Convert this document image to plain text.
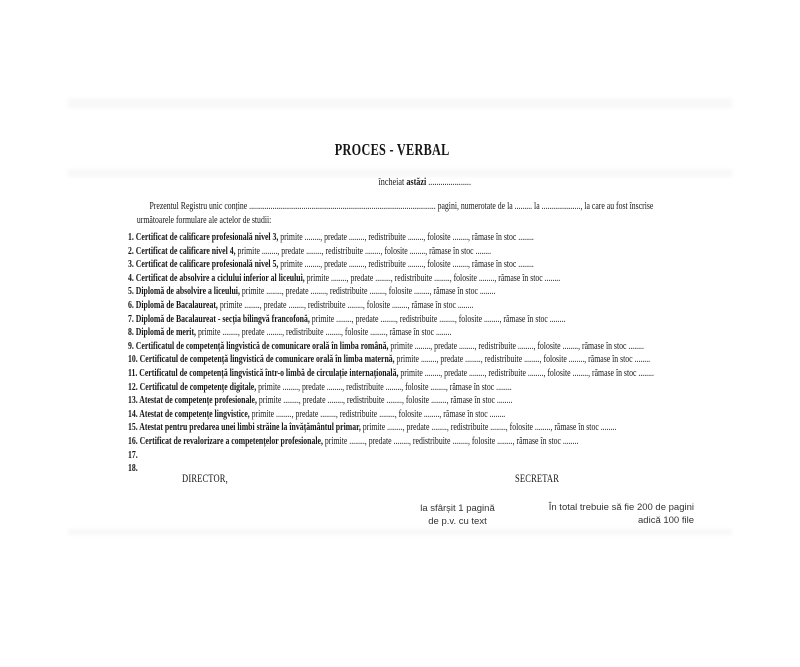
PROCES - VERBAL
încheiat astăzi .....................
Prezentul Registru unic conține ................................................................................................ pagini, numerotate de la ......... la ...................., la care au fost înscrise
următoarele formulare ale actelor de studii:
1. Certificat de calificare profesională nivel 3, primite ........, predate ........, redistribuite ........, folosite ........, rămase în stoc ........
2. Certificat de calificare nivel 4, primite ........, predate ........, redistribuite ........, folosite ........, rămase în stoc ........
3. Certificat de calificare profesională nivel 5, primite ........, predate ........, redistribuite ........, folosite ........, rămase în stoc ........
4. Certificat de absolvire a ciclului inferior al liceului, primite ........, predate ........, redistribuite ........, folosite ........, rămase în stoc ........
5. Diplomă de absolvire a liceului, primite ........, predate ........, redistribuite ........, folosite ........, rămase în stoc ........
6. Diplomă de Bacalaureat, primite ........, predate ........, redistribuite ........, folosite ........, rămase în stoc ........
7. Diplomă de Bacalaureat - secția bilingvă francofonă, primite ........, predate ........, redistribuite ........, folosite ........, rămase în stoc ........
8. Diplomă de merit, primite ........, predate ........, redistribuite ........, folosite ........, rămase în stoc ........
9. Certificatul de competență lingvistică de comunicare orală în limba română, primite ........, predate ........, redistribuite ........, folosite ........, rămase în stoc ........
10. Certificatul de competență lingvistică de comunicare orală în limba maternă, primite ........, predate ........, redistribuite ........, folosite ........, rămase în stoc ........
11. Certificatul de competență lingvistică într-o limbă de circulație internațională, primite ........, predate ........, redistribuite ........, folosite ........, rămase în stoc ........
12. Certificatul de competențe digitale, primite ........, predate ........, redistribuite ........, folosite ........, rămase în stoc ........
13. Atestat de competențe profesionale, primite ........, predate ........, redistribuite ........, folosite ........, rămase în stoc ........
14. Atestat de competențe lingvistice, primite ........, predate ........, redistribuite ........, folosite ........, rămase în stoc ........
15. Atestat pentru predarea unei limbi străine la învățământul primar, primite ........, predate ........, redistribuite ........, folosite ........, rămase în stoc ........
16. Certificat de revalorizare a competențelor profesionale, primite ........, predate ........, redistribuite ........, folosite ........, rămase în stoc ........
17.
18.
DIRECTOR,	SECRETAR
la sfârșit 1 pagină
de p.v. cu text
În total trebuie să fie 200 de pagini
adică 100 file
